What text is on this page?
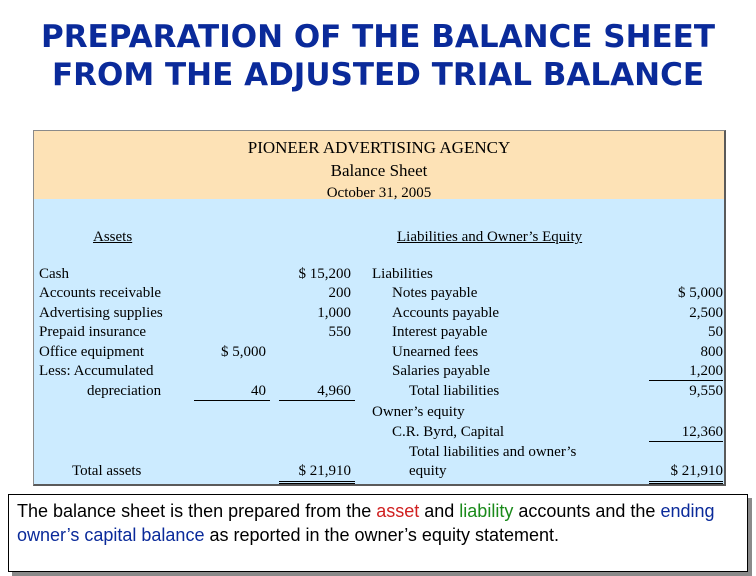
PREPARATION OF THE BALANCE SHEET
FROM THE ADJUSTED TRIAL BALANCE
PIONEER ADVERTISING AGENCY
Balance Sheet
October 31, 2005
Assets	Liabilities and Owner’s Equity
Cash
Accounts receivable
Advertising supplies
Prepaid insurance
Office equipment
Less: Accumulated
depreciation
Total assets
$ 5,000
40
$ 15,200
200
1,000
550
4,960
$ 21,910
Liabilities
Notes payable
Accounts payable
Interest payable
Unearned fees
Salaries payable
Total liabilities
Owner’s equity
C.R. Byrd, Capital
Total liabilities and owner’s
equity
$ 5,000
2,500
50
800
1,200
9,550
12,360
$ 21,910

The balance sheet is then prepared from the asset and liability accounts and the ending owner’s capital balance as reported in the owner’s equity statement.
